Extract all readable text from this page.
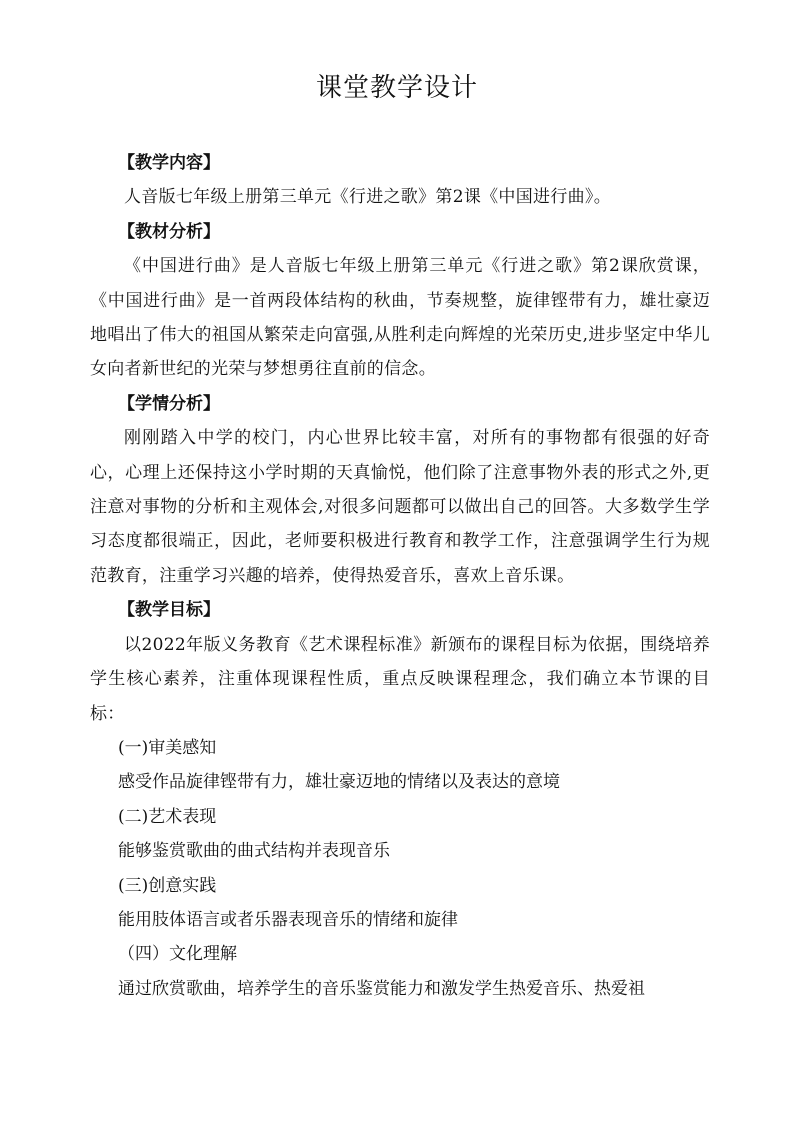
课堂教学设计
【教学内容】
人音版七年级上册第三单元《行进之歌》第2课《中国进行曲》。
【教材分析】
《中国进行曲》是人音版七年级上册第三单元《行进之歌》第2课欣赏课，《中国进行曲》是一首两段体结构的秋曲，节奏规整，旋律铿带有力，雄壮豪迈地唱出了伟大的祖国从繁荣走向富强,从胜利走向辉煌的光荣历史,进步坚定中华儿女向者新世纪的光荣与梦想勇往直前的信念。
【学情分析】
刚刚踏入中学的校门，内心世界比较丰富，对所有的事物都有很强的好奇心，心理上还保持这小学时期的天真愉悦，他们除了注意事物外表的形式之外,更注意对事物的分析和主观体会,对很多问题都可以做出自己的回答。大多数学生学习态度都很端正，因此，老师要积极进行教育和教学工作，注意强调学生行为规范教育，注重学习兴趣的培养，使得热爱音乐，喜欢上音乐课。
【教学目标】
以2022年版义务教育《艺术课程标准》新颁布的课程目标为依据，围绕培养学生核心素养，注重体现课程性质，重点反映课程理念，我们确立本节课的目标：
(一)审美感知
感受作品旋律铿带有力，雄壮豪迈地的情绪以及表达的意境
(二)艺术表现
能够鉴赏歌曲的曲式结构并表现音乐
(三)创意实践
能用肢体语言或者乐器表现音乐的情绪和旋律
（四）文化理解
通过欣赏歌曲，培养学生的音乐鉴赏能力和激发学生热爱音乐、热爱祖
